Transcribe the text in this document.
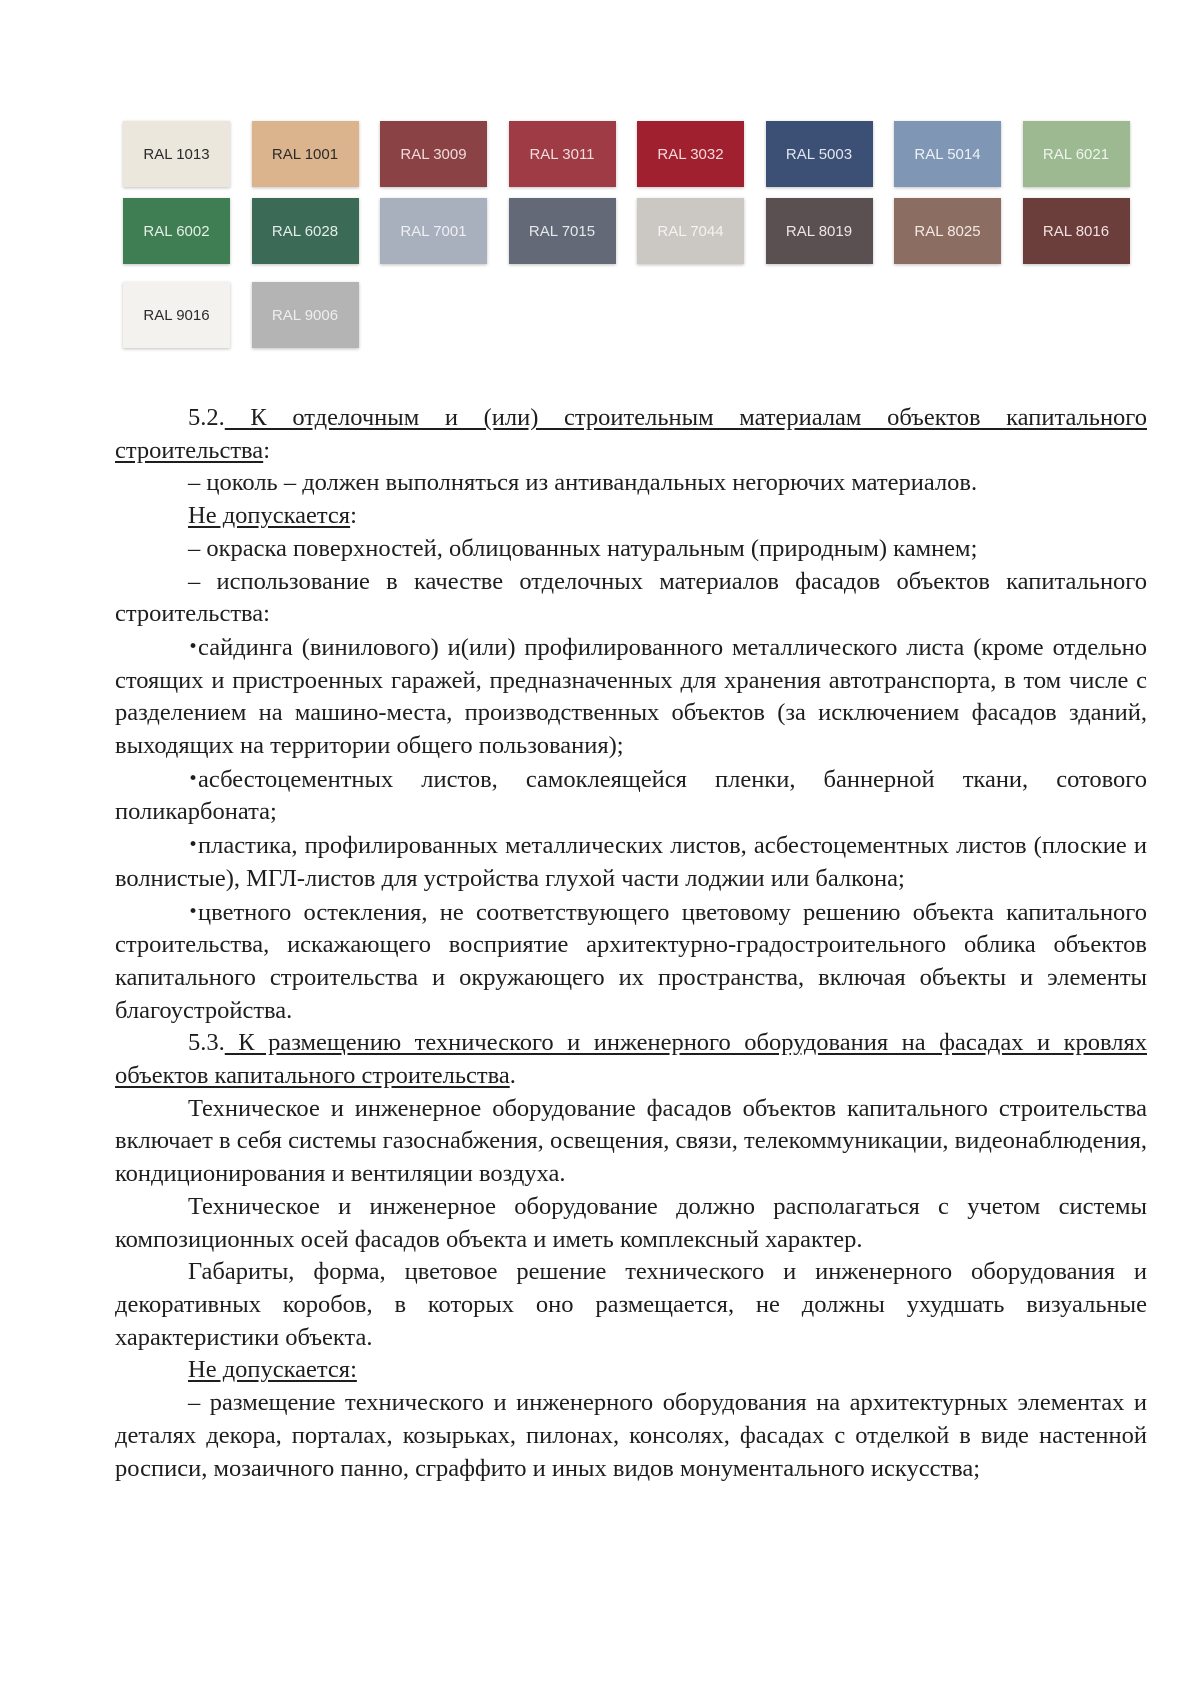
RAL 1013	RAL 1001	RAL 3009	RAL 3011	RAL 3032	RAL 5003	RAL 5014	RAL 6021
RAL 6002	RAL 6028	RAL 7001	RAL 7015	RAL 7044	RAL 8019	RAL 8025	RAL 8016
RAL 9016	RAL 9006

5.2. К отделочным и (или) строительным материалам объектов капитального строительства:

– цоколь – должен выполняться из антивандальных негорючих материалов.

Не допускается:

– окраска поверхностей, облицованных натуральным (природным) камнем;

– использование в качестве отделочных материалов фасадов объектов капитального строительства:

•сайдинга (винилового) и(или) профилированного металлического листа (кроме отдельно стоящих и пристроенных гаражей, предназначенных для хранения автотранспорта, в том числе с разделением на машино-места, производственных объектов (за исключением фасадов зданий, выходящих на территории общего пользования);

•асбестоцементных листов, самоклеящейся пленки, баннерной ткани, сотового поликарбоната;

•пластика, профилированных металлических листов, асбестоцементных листов (плоские и волнистые), МГЛ-листов для устройства глухой части лоджии или балкона;

•цветного остекления, не соответствующего цветовому решению объекта капитального строительства, искажающего восприятие архитектурно-градостроительного облика объектов капитального строительства и окружающего их пространства, включая объекты и элементы благоустройства.

5.3. К размещению технического и инженерного оборудования на фасадах и кровлях объектов капитального строительства.

Техническое и инженерное оборудование фасадов объектов капитального строительства включает в себя системы газоснабжения, освещения, связи, телекоммуникации, видеонаблюдения, кондиционирования и вентиляции воздуха.

Техническое и инженерное оборудование должно располагаться с учетом системы композиционных осей фасадов объекта и иметь комплексный характер.

Габариты, форма, цветовое решение технического и инженерного оборудования и декоративных коробов, в которых оно размещается, не должны ухудшать визуальные характеристики объекта.

Не допускается:

– размещение технического и инженерного оборудования на архитектурных элементах и деталях декора, порталах, козырьках, пилонах, консолях, фасадах с отделкой в виде настенной росписи, мозаичного панно, сграффито и иных видов монументального искусства;
